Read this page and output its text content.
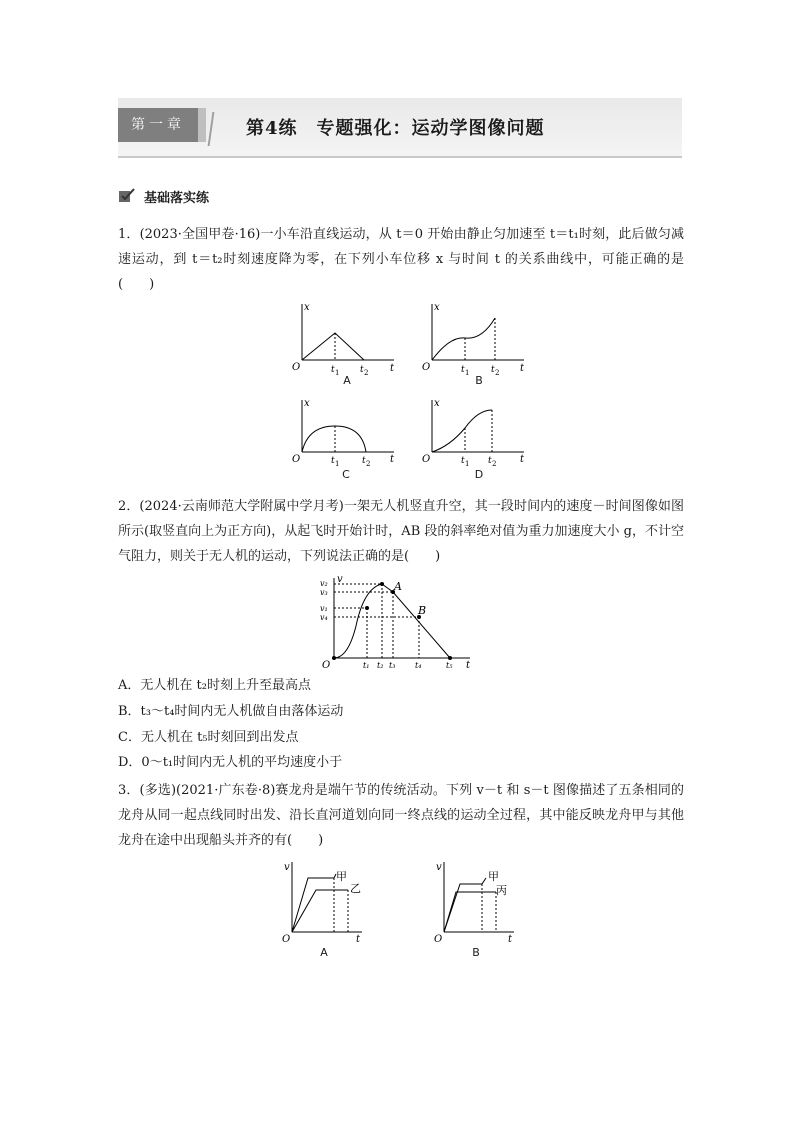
第一章	第4练　专题强化：运动学图像问题
基础落实练
1．(2023·全国甲卷·16)一小车沿直线运动，从 t＝0 开始由静止匀加速至 t＝t₁时刻，此后做匀减速运动，到 t＝t₂时刻速度降为零，在下列小车位移 x 与时间 t 的关系曲线中，可能正确的是(　　)
x
t
O	t 1 t 2
A
x
t
O	t 1 t 2
B
x
t
O	t 1	t 2
C
x
t
O	t 1 t 2
D
2．(2024·云南师范大学附属中学月考)一架无人机竖直升空，其一段时间内的速度－时间图像如图所示(取竖直向上为正方向)，从起飞时开始计时，AB 段的斜率绝对值为重力加速度大小 g，不计空气阻力，则关于无人机的运动，下列说法正确的是(　　)
v
t
O
v₂
v₃
v₁
v₄
t₁ t₂ t₃ t₄	t₅
A
B
A．无人机在 t₂时刻上升至最高点
B．t₃～t₄时间内无人机做自由落体运动
C．无人机在 t₅时刻回到出发点
D．0～t₁时间内无人机的平均速度小于
3．(多选)(2021·广东卷·8)赛龙舟是端午节的传统活动。下列 v－t 和 s－t 图像描述了五条相同的龙舟从同一起点线同时出发、沿长直河道划向同一终点线的运动全过程，其中能反映龙舟甲与其他龙舟在途中出现船头并齐的有(　　)
v
t
O
甲
乙
A
v
t
O
甲
丙
B
